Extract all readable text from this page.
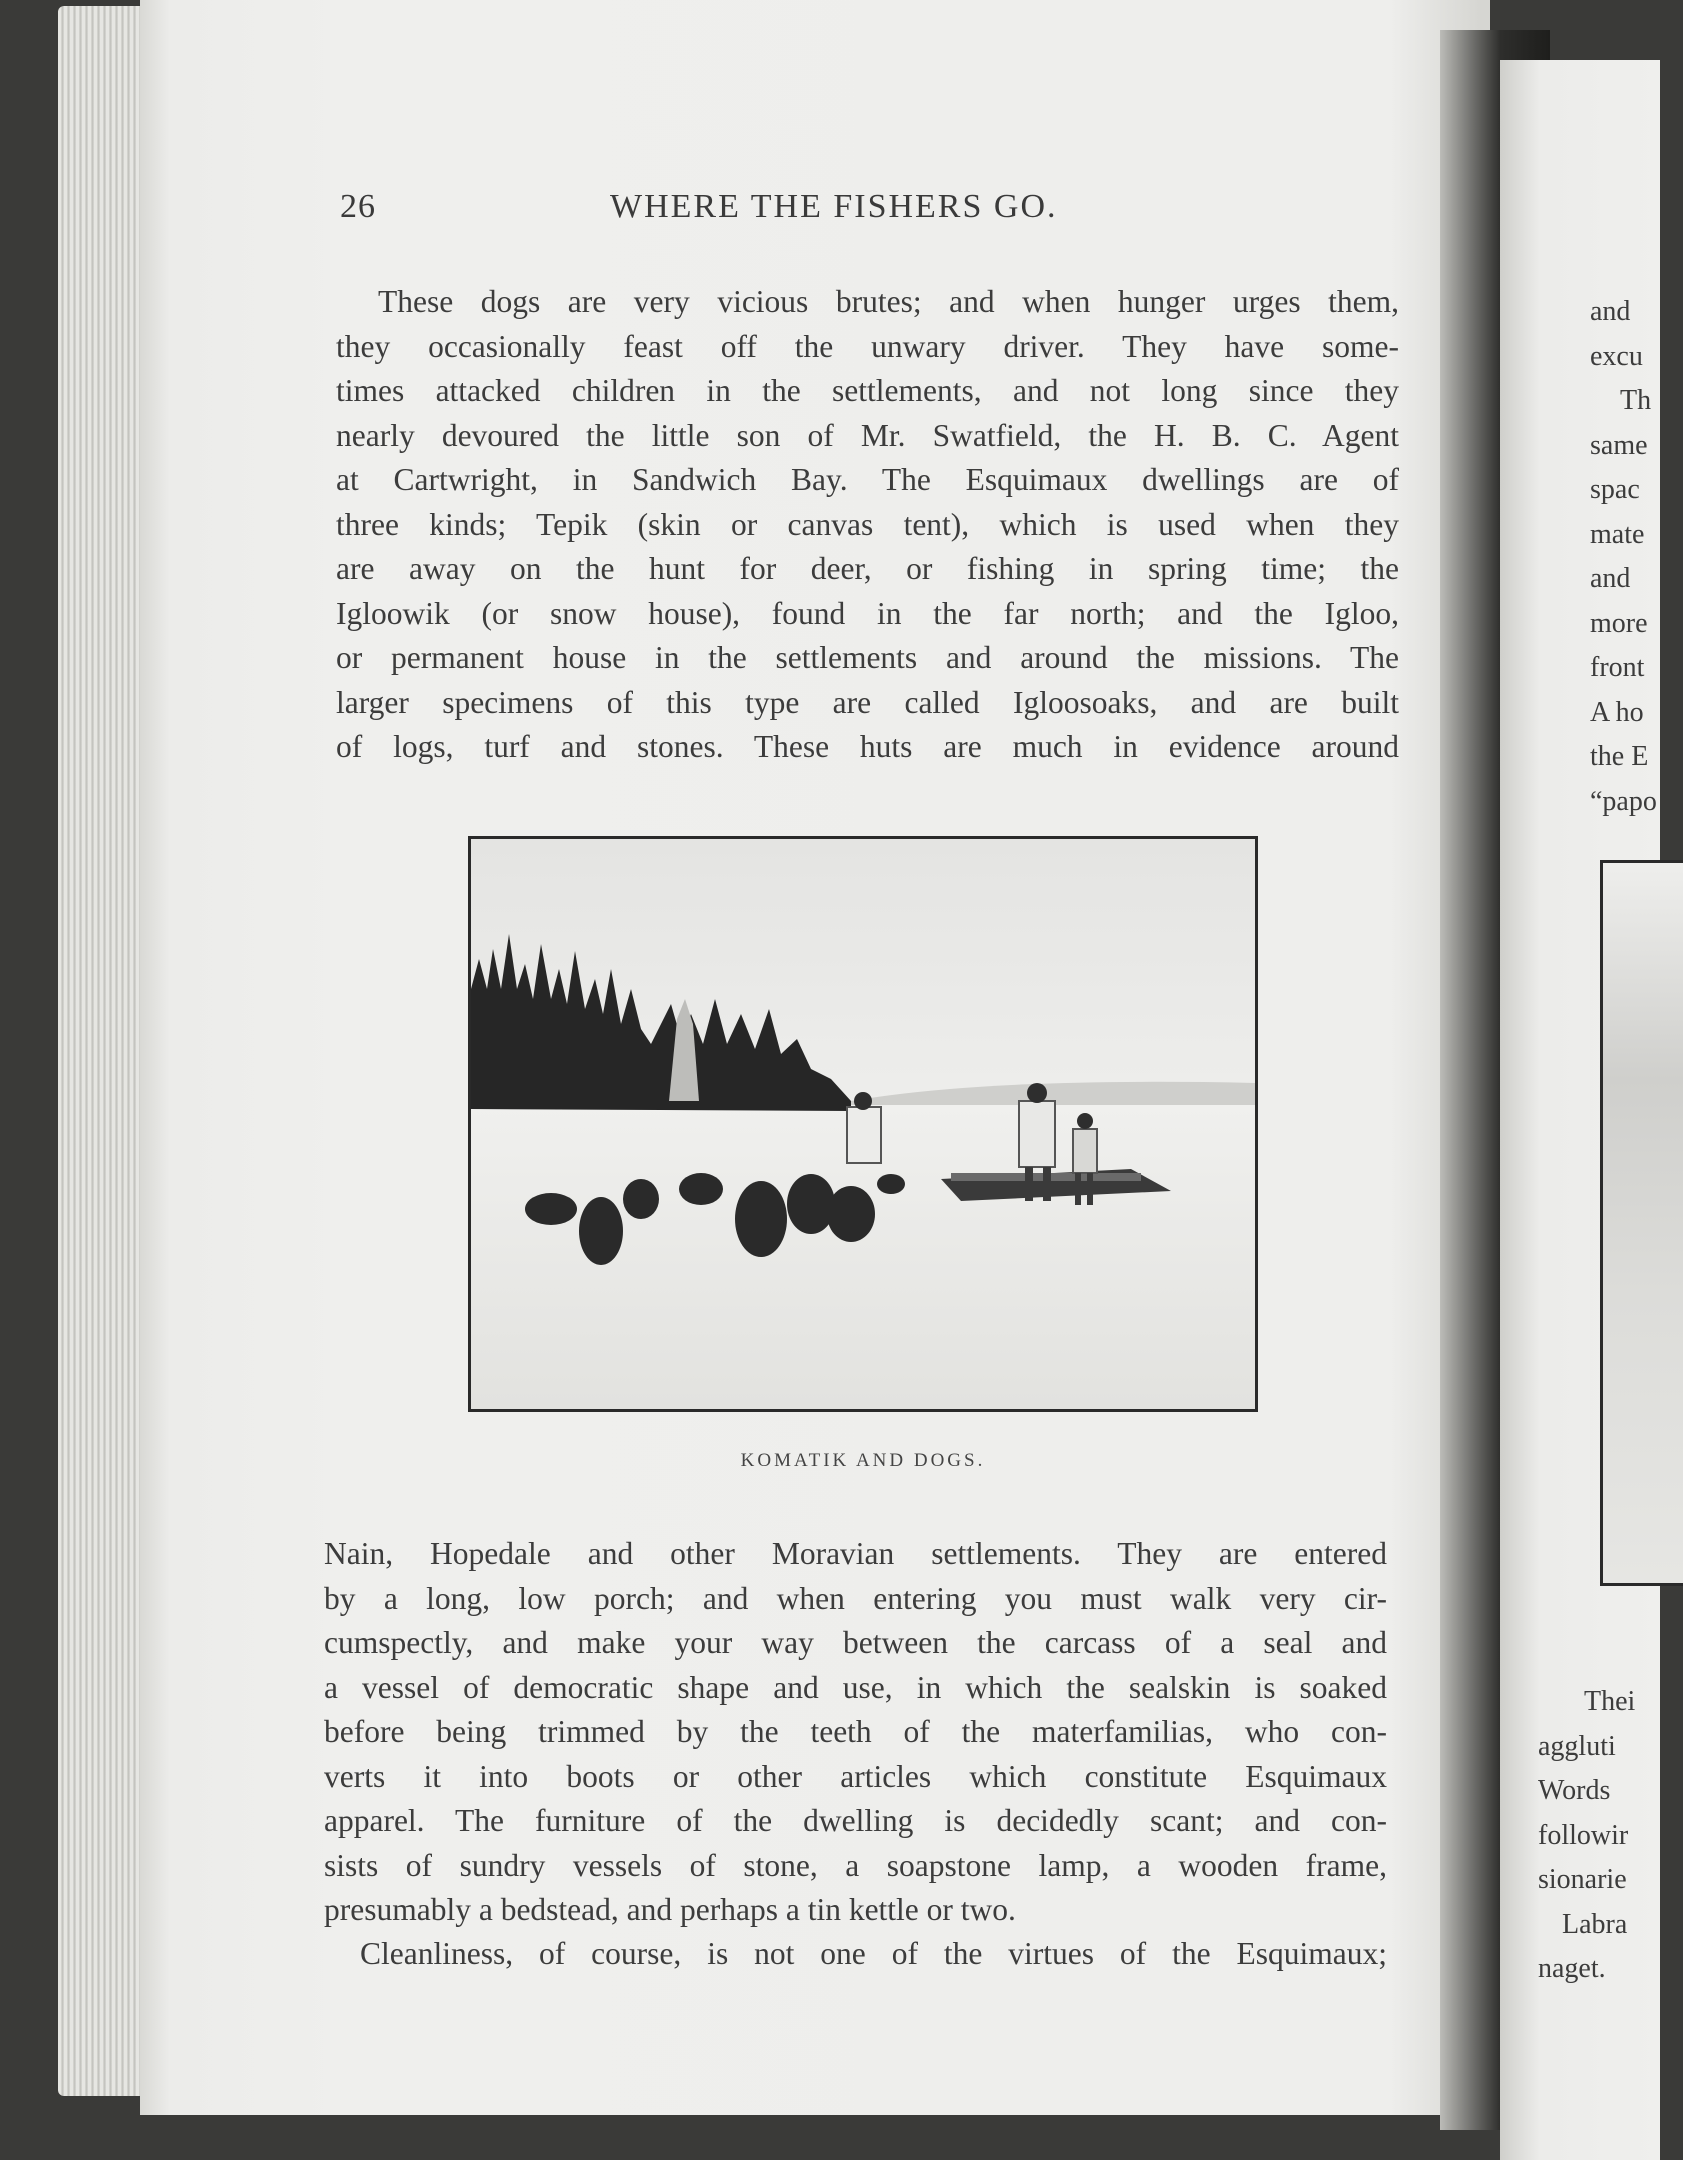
and
excu
Th
same
spac
mate
and
more
front
A ho
the E
“papo
Thei
aggluti
Words
followir
sionarie
Labra
naget.
26	WHERE THE FISHERS GO.
These dogs are very vicious brutes; and when hunger urges them,
they occasionally feast off the unwary driver. They have some-
times attacked children in the settlements, and not long since they
nearly devoured the little son of Mr. Swatfield, the H. B. C. Agent
at Cartwright, in Sandwich Bay. The Esquimaux dwellings are of
three kinds; Tepik (skin or canvas tent), which is used when they
are away on the hunt for deer, or fishing in spring time; the
Igloowik (or snow house), found in the far north; and the Igloo,
or permanent house in the settlements and around the missions. The
larger specimens of this type are called Igloosoaks, and are built
of logs, turf and stones. These huts are much in evidence around
KOMATIK AND DOGS.
Nain, Hopedale and other Moravian settlements. They are entered
by a long, low porch; and when entering you must walk very cir-
cumspectly, and make your way between the carcass of a seal and
a vessel of democratic shape and use, in which the sealskin is soaked
before being trimmed by the teeth of the materfamilias, who con-
verts it into boots or other articles which constitute Esquimaux
apparel. The furniture of the dwelling is decidedly scant; and con-
sists of sundry vessels of stone, a soapstone lamp, a wooden frame,
presumably a bedstead, and perhaps a tin kettle or two.
Cleanliness, of course, is not one of the virtues of the Esquimaux;
